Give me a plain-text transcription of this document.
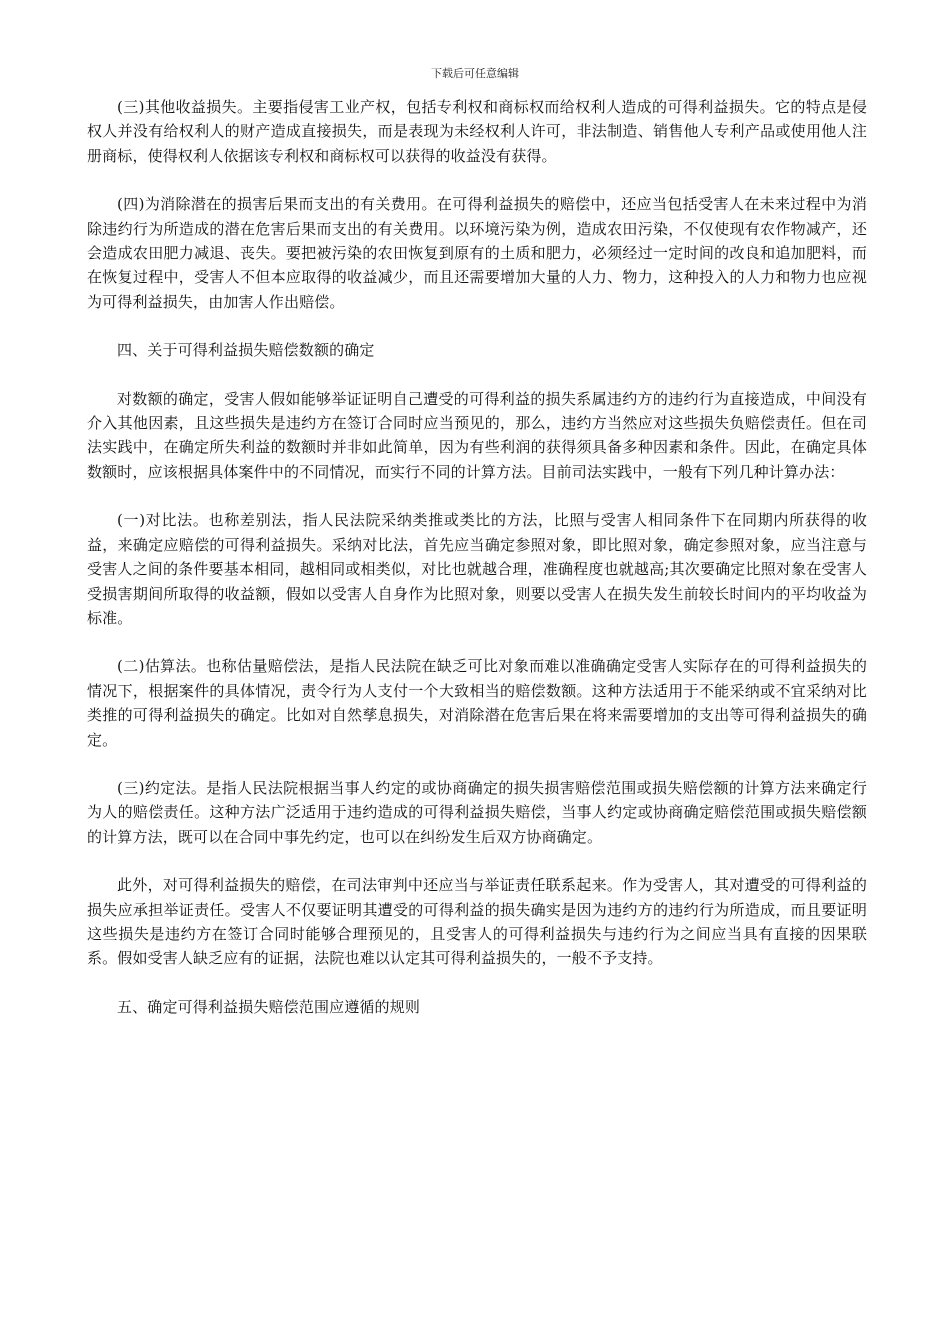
下载后可任意编辑

(三)其他收益损失。主要指侵害工业产权，包括专利权和商标权而给权利人造成的可得利益损失。它的特点是侵权人并没有给权利人的财产造成直接损失，而是表现为未经权利人许可，非法制造、销售他人专利产品或使用他人注册商标，使得权利人依据该专利权和商标权可以获得的收益没有获得。

(四)为消除潜在的损害后果而支出的有关费用。在可得利益损失的赔偿中，还应当包括受害人在未来过程中为消除违约行为所造成的潜在危害后果而支出的有关费用。以环境污染为例，造成农田污染，不仅使现有农作物减产，还会造成农田肥力减退、丧失。要把被污染的农田恢复到原有的土质和肥力，必须经过一定时间的改良和追加肥料，而在恢复过程中，受害人不但本应取得的收益减少，而且还需要增加大量的人力、物力，这种投入的人力和物力也应视为可得利益损失，由加害人作出赔偿。

四、关于可得利益损失赔偿数额的确定

对数额的确定，受害人假如能够举证证明自己遭受的可得利益的损失系属违约方的违约行为直接造成，中间没有介入其他因素，且这些损失是违约方在签订合同时应当预见的，那么，违约方当然应对这些损失负赔偿责任。但在司法实践中，在确定所失利益的数额时并非如此简单，因为有些利润的获得须具备多种因素和条件。因此，在确定具体数额时，应该根据具体案件中的不同情况，而实行不同的计算方法。目前司法实践中，一般有下列几种计算办法：

(一)对比法。也称差别法，指人民法院采纳类推或类比的方法，比照与受害人相同条件下在同期内所获得的收益，来确定应赔偿的可得利益损失。采纳对比法，首先应当确定参照对象，即比照对象，确定参照对象，应当注意与受害人之间的条件要基本相同，越相同或相类似，对比也就越合理，准确程度也就越高;其次要确定比照对象在受害人受损害期间所取得的收益额，假如以受害人自身作为比照对象，则要以受害人在损失发生前较长时间内的平均收益为标准。

(二)估算法。也称估量赔偿法，是指人民法院在缺乏可比对象而难以准确确定受害人实际存在的可得利益损失的情况下，根据案件的具体情况，责令行为人支付一个大致相当的赔偿数额。这种方法适用于不能采纳或不宜采纳对比类推的可得利益损失的确定。比如对自然孳息损失，对消除潜在危害后果在将来需要增加的支出等可得利益损失的确定。

(三)约定法。是指人民法院根据当事人约定的或协商确定的损失损害赔偿范围或损失赔偿额的计算方法来确定行为人的赔偿责任。这种方法广泛适用于违约造成的可得利益损失赔偿，当事人约定或协商确定赔偿范围或损失赔偿额的计算方法，既可以在合同中事先约定，也可以在纠纷发生后双方协商确定。

此外，对可得利益损失的赔偿，在司法审判中还应当与举证责任联系起来。作为受害人，其对遭受的可得利益的损失应承担举证责任。受害人不仅要证明其遭受的可得利益的损失确实是因为违约方的违约行为所造成，而且要证明这些损失是违约方在签订合同时能够合理预见的，且受害人的可得利益损失与违约行为之间应当具有直接的因果联系。假如受害人缺乏应有的证据，法院也难以认定其可得利益损失的，一般不予支持。

五、确定可得利益损失赔偿范围应遵循的规则
